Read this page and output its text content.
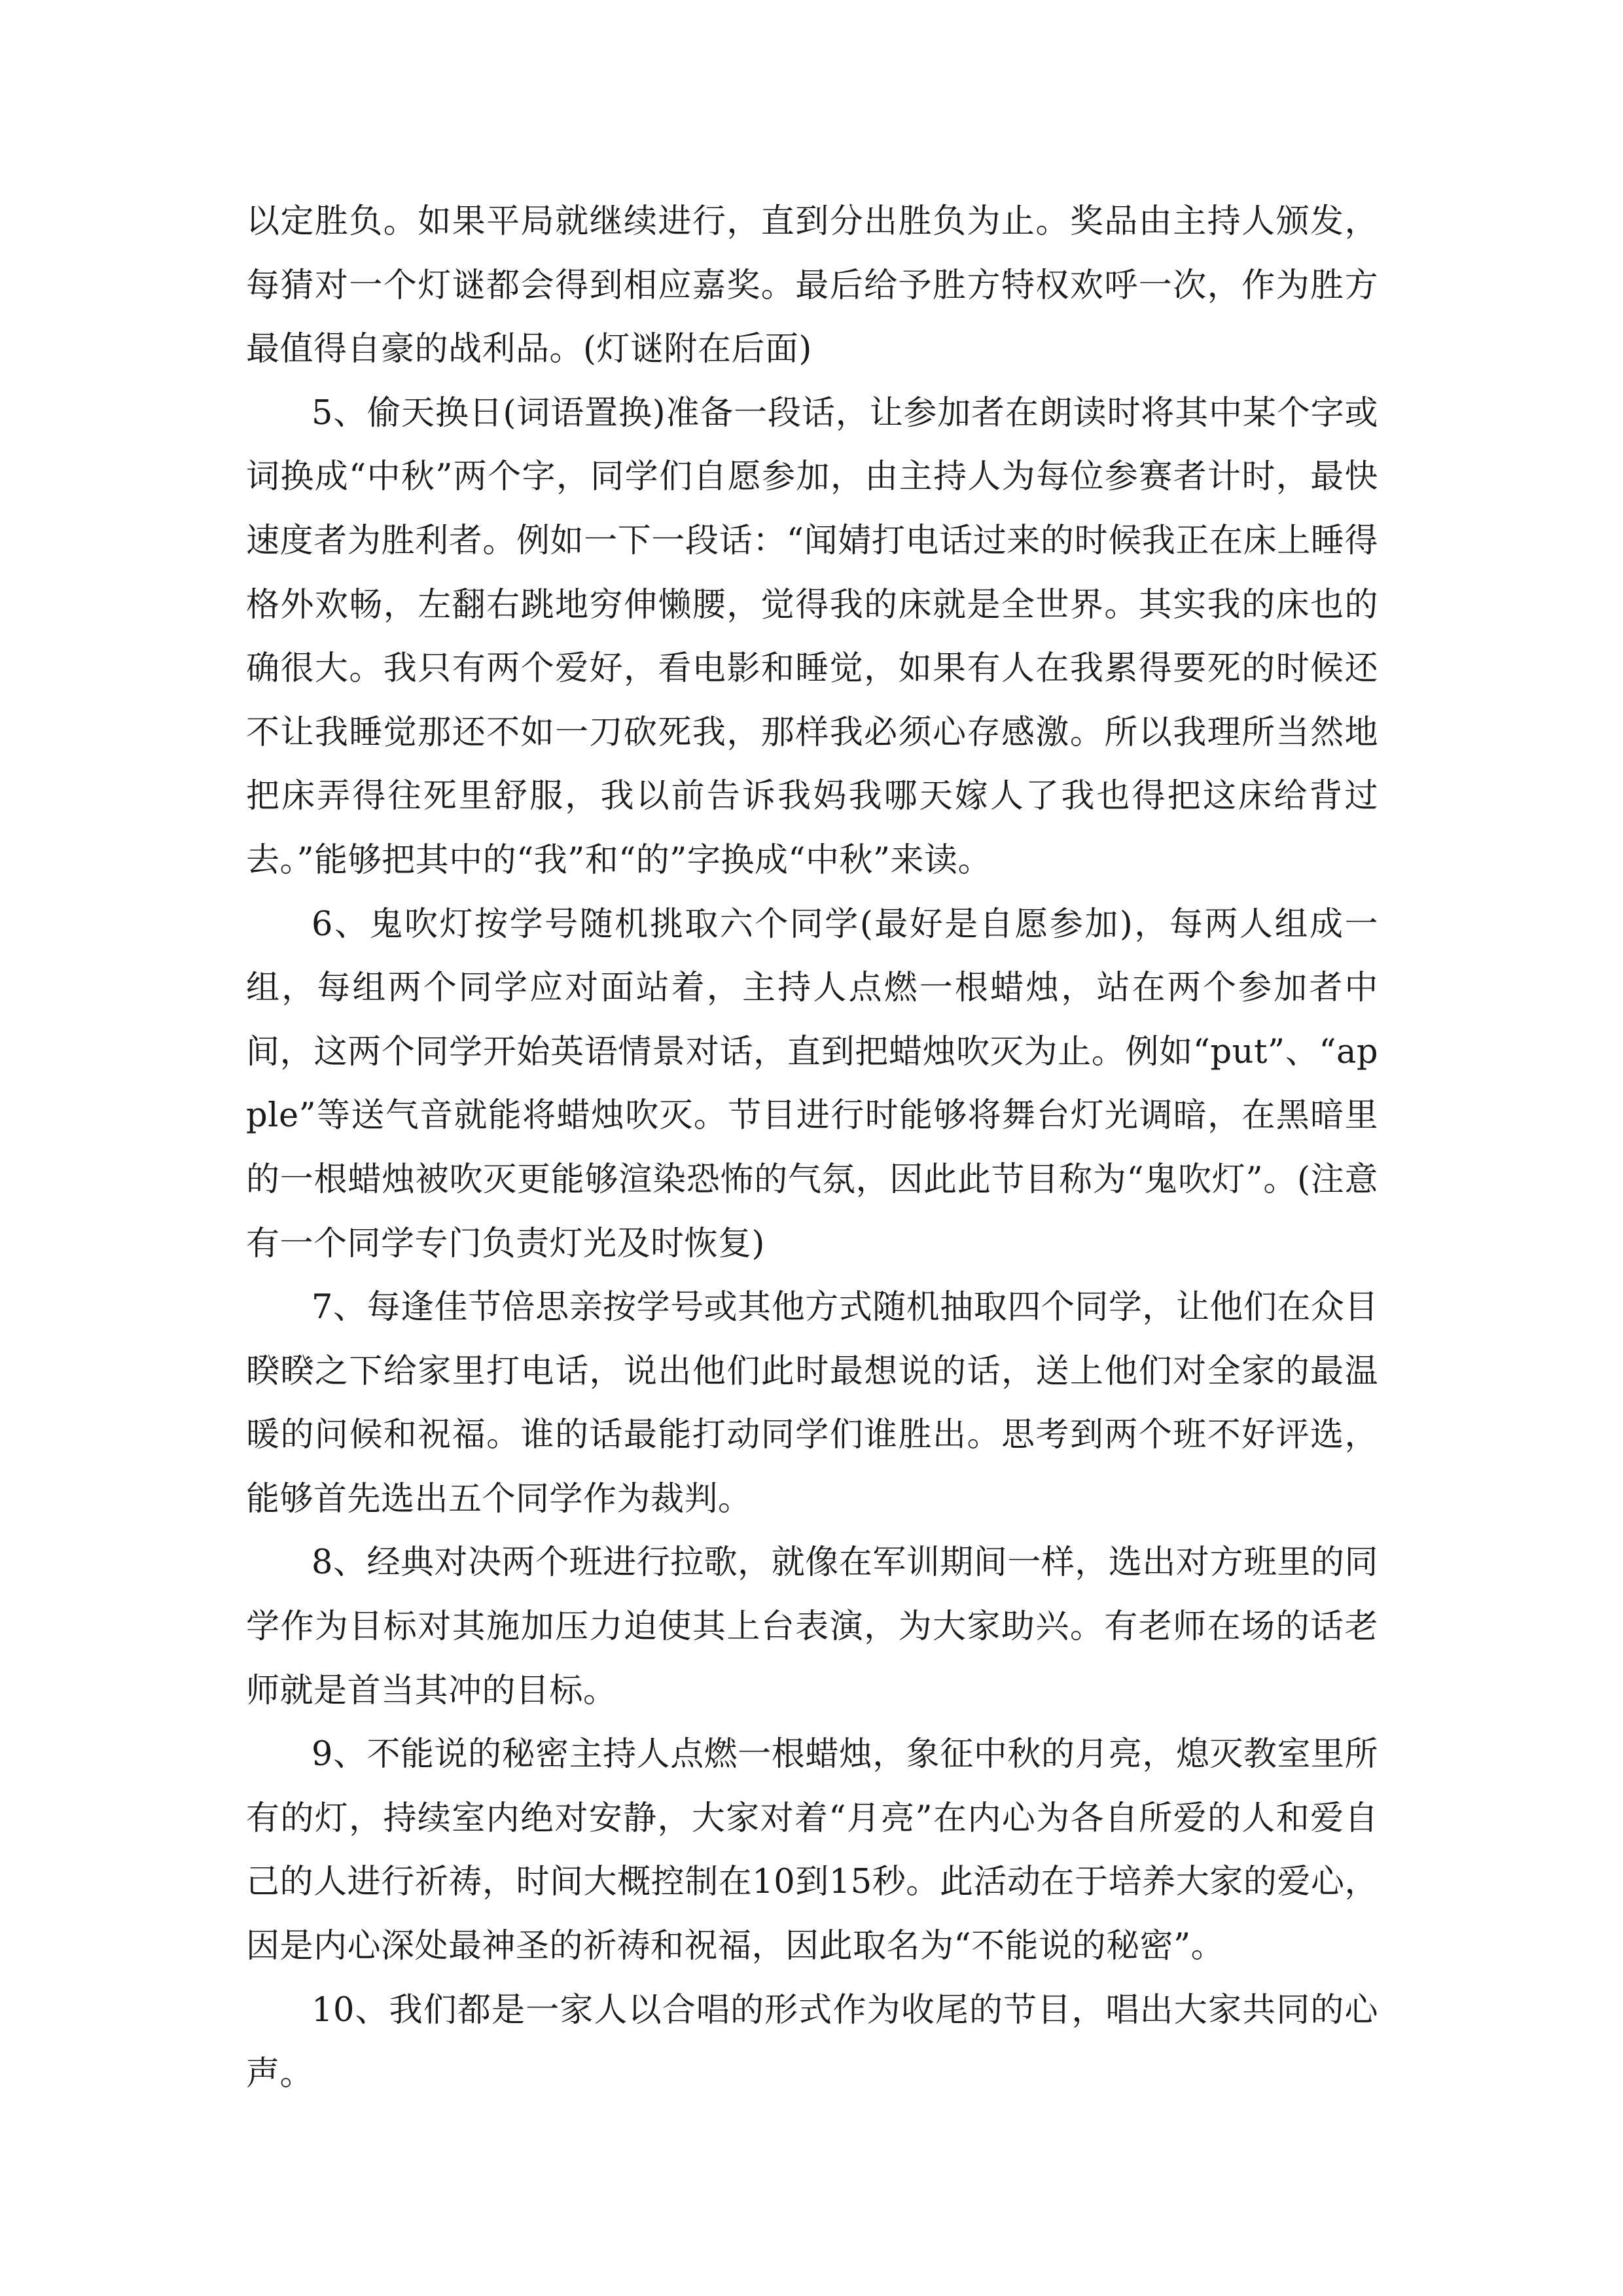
以定胜负。如果平局就继续进行，直到分出胜负为止。奖品由主持人颁发，每猜对一个灯谜都会得到相应嘉奖。最后给予胜方特权欢呼一次，作为胜方最值得自豪的战利品。(灯谜附在后面)

5、偷天换日(词语置换)准备一段话，让参加者在朗读时将其中某个字或词换成“中秋”两个字，同学们自愿参加，由主持人为每位参赛者计时，最快速度者为胜利者。例如一下一段话：“闻婧打电话过来的时候我正在床上睡得格外欢畅，左翻右跳地穷伸懒腰，觉得我的床就是全世界。其实我的床也的确很大。我只有两个爱好，看电影和睡觉，如果有人在我累得要死的时候还不让我睡觉那还不如一刀砍死我，那样我必须心存感激。所以我理所当然地把床弄得往死里舒服，我以前告诉我妈我哪天嫁人了我也得把这床给背过去。”能够把其中的“我”和“的”字换成“中秋”来读。

6、鬼吹灯按学号随机挑取六个同学(最好是自愿参加)，每两人组成一组，每组两个同学应对面站着，主持人点燃一根蜡烛，站在两个参加者中间，这两个同学开始英语情景对话，直到把蜡烛吹灭为止。例如“put”、“apple”等送气音就能将蜡烛吹灭。节目进行时能够将舞台灯光调暗，在黑暗里的一根蜡烛被吹灭更能够渲染恐怖的气氛，因此此节目称为“鬼吹灯”。(注意有一个同学专门负责灯光及时恢复)

7、每逢佳节倍思亲按学号或其他方式随机抽取四个同学，让他们在众目睽睽之下给家里打电话，说出他们此时最想说的话，送上他们对全家的最温暖的问候和祝福。谁的话最能打动同学们谁胜出。思考到两个班不好评选，能够首先选出五个同学作为裁判。

8、经典对决两个班进行拉歌，就像在军训期间一样，选出对方班里的同学作为目标对其施加压力迫使其上台表演，为大家助兴。有老师在场的话老师就是首当其冲的目标。

9、不能说的秘密主持人点燃一根蜡烛，象征中秋的月亮，熄灭教室里所有的灯，持续室内绝对安静，大家对着“月亮”在内心为各自所爱的人和爱自己的人进行祈祷，时间大概控制在10到15秒。此活动在于培养大家的爱心，因是内心深处最神圣的祈祷和祝福，因此取名为“不能说的秘密”。

10、我们都是一家人以合唱的形式作为收尾的节目，唱出大家共同的心声。
